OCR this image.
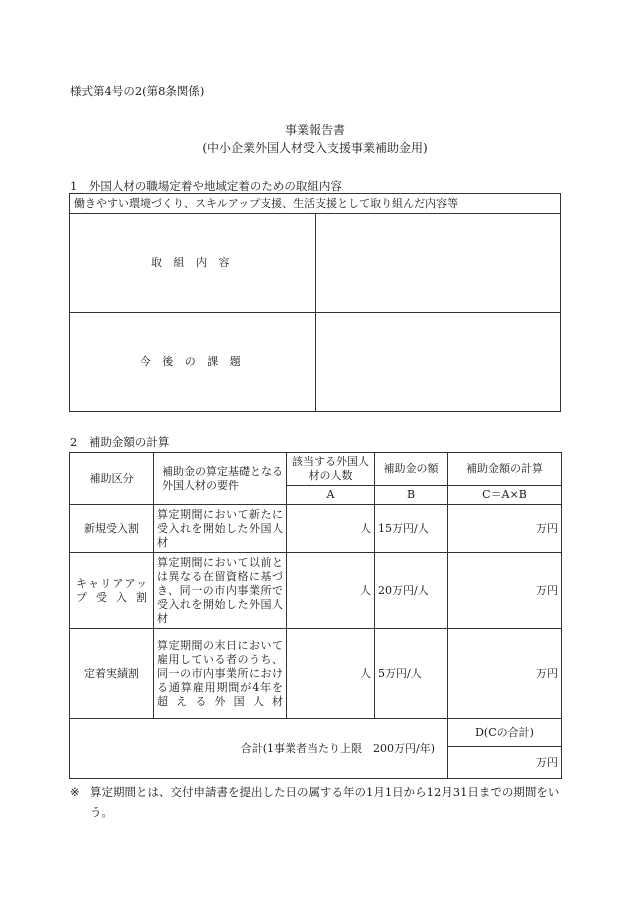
様式第4号の2(第8条関係)
事業報告書
(中小企業外国人材受入支援事業補助金用)
1　外国人材の職場定着や地域定着のための取組内容
働きやすい環境づくり、スキルアップ支援、生活支援として取り組んだ内容等	
取 組 内 容	
今 後 の 課 題	
2　補助金額の計算
補助区分	補助金の算定基礎となる外国人材の要件	該当する外国人材の人数	補助金の額	補助金額の計算
		A	B	C＝A×B
新規受入割	算定期間において新たに受入れを開始した外国人材	人	15万円/人	万円
キャリアアップ受入割	算定期間において以前とは異なる在留資格に基づき、同一の市内事業所で受入れを開始した外国人材	人	20万円/人	万円
定着実績割	算定期間の末日において雇用している者のうち、同一の市内事業所における通算雇用期間が4年を超える外国人材	人	5万円/人	万円
合計(1事業者当たり上限　200万円/年)				D(Cの合計)
				万円
※ 算定期間とは、交付申請書を提出した日の属する年の1月1日から12月31日までの期間をいう。
